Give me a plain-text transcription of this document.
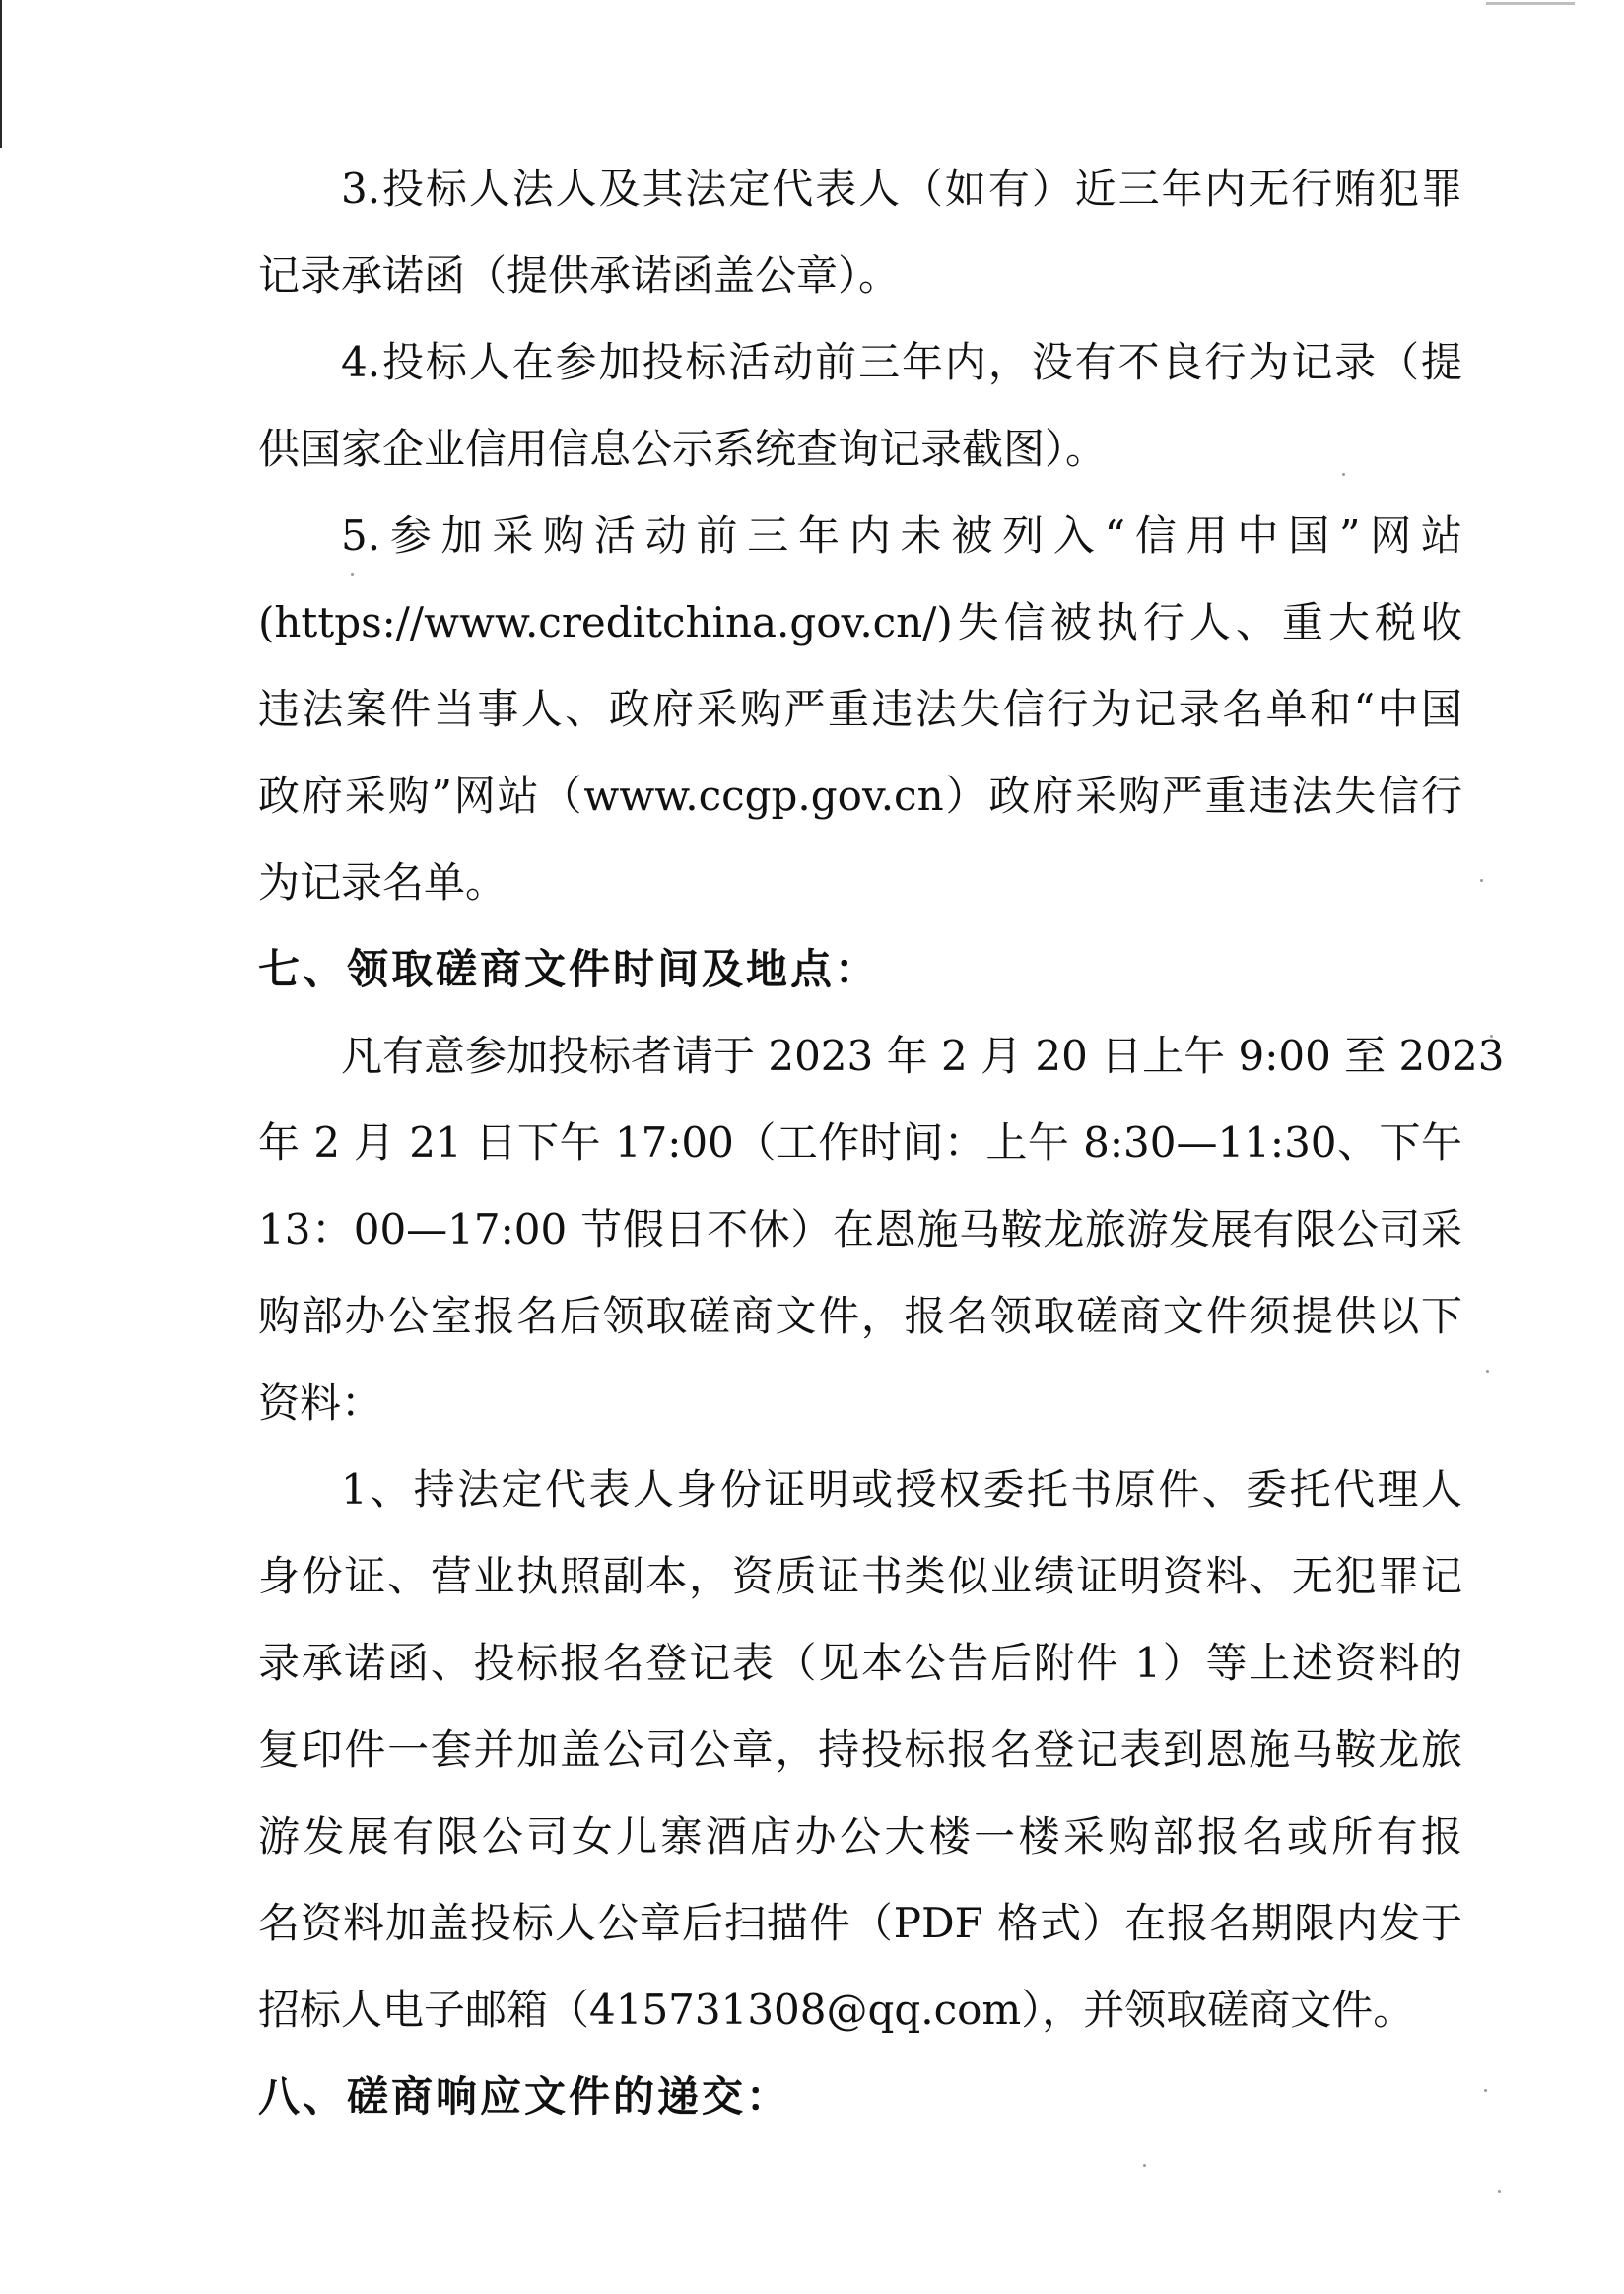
3.投标人法人及其法定代表人（如有）近三年内无行贿犯罪
记录承诺函（提供承诺函盖公章）。
4.投标人在参加投标活动前三年内，没有不良行为记录（提
供国家企业信用信息公示系统查询记录截图）。
5.参加采购活动前三年内未被列入“信用中国”网站
(https://www.creditchina.gov.cn/)失信被执行人、重大税收
违法案件当事人、政府采购严重违法失信行为记录名单和“中国
政府采购”网站（www.ccgp.gov.cn）政府采购严重违法失信行
为记录名单。
七、领取磋商文件时间及地点：
凡有意参加投标者请于 2023 年 2 月 20 日上午 9:00 至 2023
年 2 月 21 日下午 17:00（工作时间：上午 8:30—11:30、下午
13：00—17:00 节假日不休）在恩施马鞍龙旅游发展有限公司采
购部办公室报名后领取磋商文件，报名领取磋商文件须提供以下
资料：
1、持法定代表人身份证明或授权委托书原件、委托代理人
身份证、营业执照副本，资质证书类似业绩证明资料、无犯罪记
录承诺函、投标报名登记表（见本公告后附件 1）等上述资料的
复印件一套并加盖公司公章，持投标报名登记表到恩施马鞍龙旅
游发展有限公司女儿寨酒店办公大楼一楼采购部报名或所有报
名资料加盖投标人公章后扫描件（PDF 格式）在报名期限内发于
招标人电子邮箱（415731308@qq.com），并领取磋商文件。
八、磋商响应文件的递交：
